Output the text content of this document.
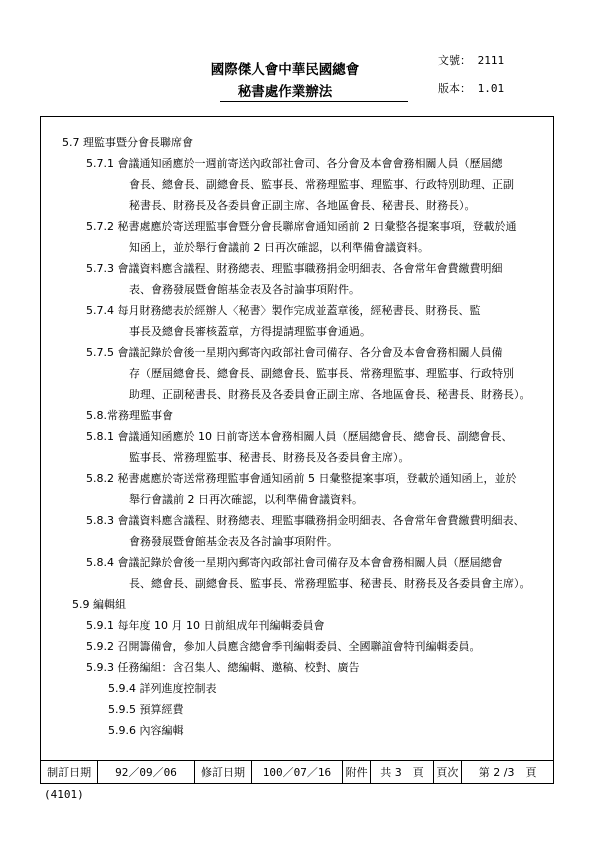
國際傑人會中華民國總會
秘書處作業辦法
文號： 2111
版本： 1.01
5.7 理監事暨分會長聯席會
5.7.1 會議通知函應於一週前寄送內政部社會司、各分會及本會會務相關人員（歷屆總
會長、總會長、副總會長、監事長、常務理監事、理監事、行政特別助理、正副
秘書長、財務長及各委員會正副主席、各地區會長、秘書長、財務長）。
5.7.2 秘書處應於寄送理監事會暨分會長聯席會通知函前 2 日彙整各提案事項，登載於通
知函上，並於舉行會議前 2 日再次確認，以利準備會議資料。
5.7.3 會議資料應含議程、財務總表、理監事職務捐金明細表、各會常年會費繳費明細
表、會務發展暨會館基金表及各討論事項附件。
5.7.4 每月財務總表於經辦人〈秘書〉製作完成並蓋章後，經秘書長、財務長、監
事長及總會長審核蓋章，方得提請理監事會通過。
5.7.5 會議記錄於會後一星期內郵寄內政部社會司備存、各分會及本會會務相關人員備
存（歷屆總會長、總會長、副總會長、監事長、常務理監事、理監事、行政特別
助理、正副秘書長、財務長及各委員會正副主席、各地區會長、秘書長、財務長）。
5.8.常務理監事會
5.8.1 會議通知函應於 10 日前寄送本會務相關人員（歷屆總會長、總會長、副總會長、
監事長、常務理監事、秘書長、財務長及各委員會主席）。
5.8.2 秘書處應於寄送常務理監事會通知函前 5 日彙整提案事項，登載於通知函上，並於
舉行會議前 2 日再次確認，以利準備會議資料。
5.8.3 會議資料應含議程、財務總表、理監事職務捐金明細表、各會常年會費繳費明細表、
會務發展暨會館基金表及各討論事項附件。
5.8.4 會議記錄於會後一星期內郵寄內政部社會司備存及本會會務相關人員（歷屆總會
長、總會長、副總會長、監事長、常務理監事、秘書長、財務長及各委員會主席）。
5.9 編輯組
5.9.1 每年度 10 月 10 日前組成年刊編輯委員會
5.9.2 召開籌備會，參加人員應含總會季刊編輯委員、全國聯誼會特刊編輯委員。
5.9.3 任務編組：含召集人、總編輯、邀稿、校對、廣告
5.9.4 詳列進度控制表
5.9.5 預算經費
5.9.6 內容編輯
制訂日期	92／09／06	修訂日期	100／07／16	附件	共 3　頁	頁次	第 2 /3　頁
(4101)
